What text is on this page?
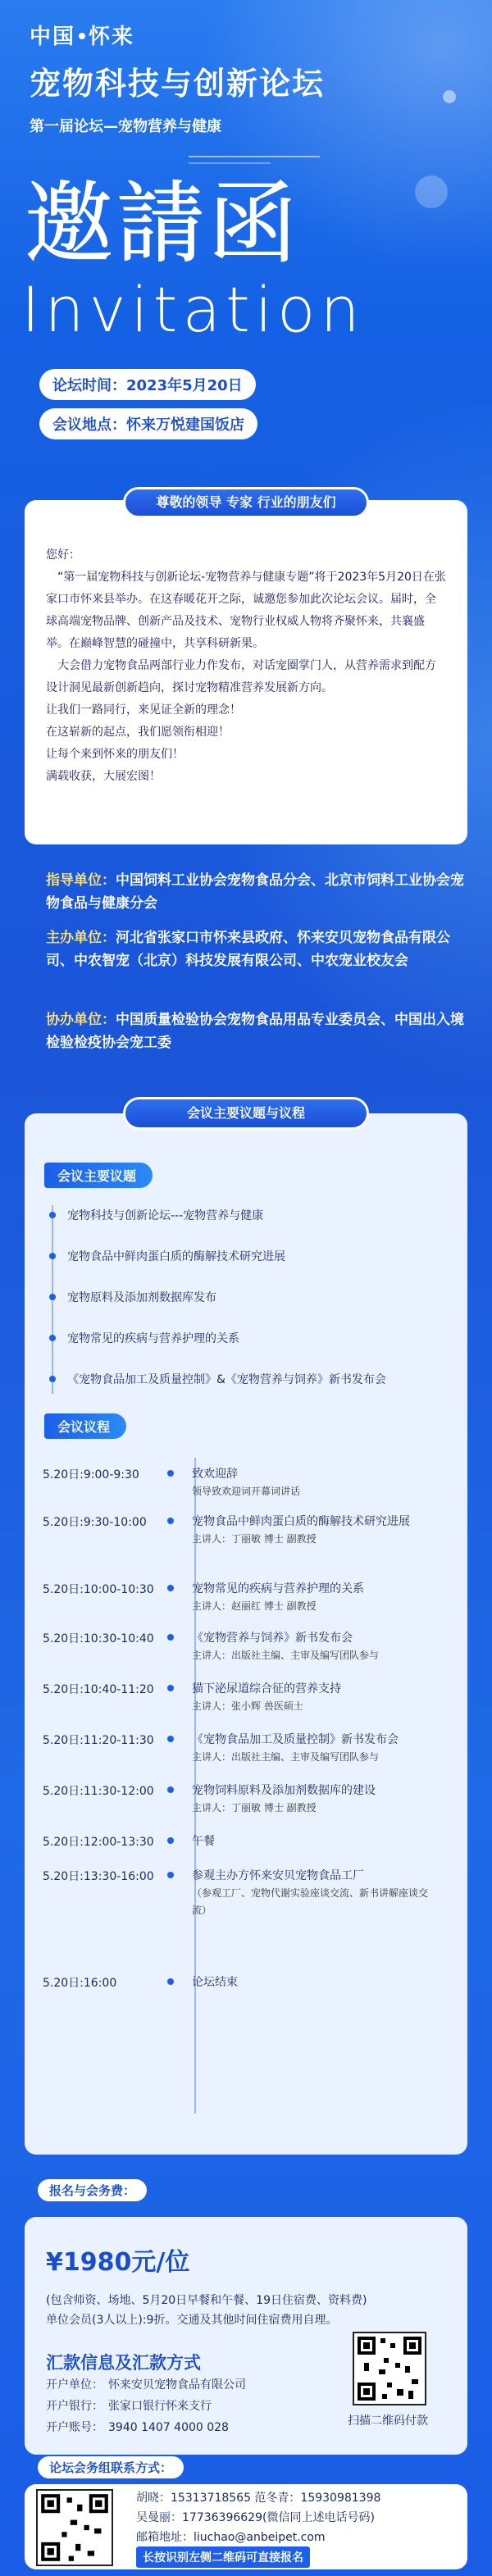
中国 怀来
宠物科技与创新论坛
第一届论坛—宠物营养与健康
邀請函
Invitation
论坛时间：2023年5月20日
会议地点：怀来万悦建国饭店

您好：

“第一届宠物科技与创新论坛-宠物营养与健康专题”将于2023年5月20日在张家口市怀来县举办。在这春暖花开之际，诚邀您参加此次论坛会议。届时，全球高端宠物品牌、创新产品及技术、宠物行业权威人物将齐聚怀来，共襄盛举。在巅峰智慧的碰撞中，共享科研新果。

大会借力宠物食品两部行业力作发布，对话宠圈掌门人，从营养需求到配方设计洞见最新创新趋向，探讨宠物精准营养发展新方向。

让我们一路同行，来见证全新的理念！

在这崭新的起点，我们愿领衔相迎！

让每个来到怀来的朋友们！

满载收获，大展宏图！

尊敬的领导 专家 行业的朋友们
指导单位：中国饲料工业协会宠物食品分会、北京市饲料工业协会宠物食品与健康分会
主办单位：河北省张家口市怀来县政府、怀来安贝宠物食品有限公司、中农智宠（北京）科技发展有限公司、中农宠业校友会
协办单位：中国质量检验协会宠物食品用品专业委员会、中国出入境检验检疫协会宠工委
会议主要议题
宠物科技与创新论坛---宠物营养与健康
宠物食品中鲜肉蛋白质的酶解技术研究进展
宠物原料及添加剂数据库发布
宠物常见的疾病与营养护理的关系
《宠物食品加工及质量控制》&《宠物营养与饲养》新书发布会
会议议程
5.20日:9:00-9:30	致欢迎辞
领导致欢迎词开幕词讲话
5.20日:9:30-10:00	宠物食品中鲜肉蛋白质的酶解技术研究进展
主讲人：丁丽敏 博士 副教授
5.20日:10:00-10:30	宠物常见的疾病与营养护理的关系
主讲人：赵丽红 博士 副教授
5.20日:10:30-10:40	《宠物营养与饲养》新书发布会
主讲人：出版社主编、主审及编写团队参与
5.20日:10:40-11:20	猫下泌尿道综合征的营养支持
主讲人：张小辉 兽医硕士
5.20日:11:20-11:30	《宠物食品加工及质量控制》新书发布会
主讲人：出版社主编、主审及编写团队参与
5.20日:11:30-12:00	宠物饲料原料及添加剂数据库的建设
主讲人：丁丽敏 博士 副教授
5.20日:12:00-13:30	午餐
5.20日:13:30-16:00	参观主办方怀来安贝宠物食品工厂
（参观工厂、宠物代谢实验座谈交流、新书讲解座谈交流）
5.20日:16:00	论坛结束
会议主要议题与议程
报名与会务费：
¥1980元/位
(包含师资、场地、5月20日早餐和午餐、19日住宿费、资料费)
单位会员(3人以上):9折。交通及其他时间住宿费用自理。
汇款信息及汇款方式
开户单位： 怀来安贝宠物食品有限公司
开户银行： 张家口银行怀来支行
开户账号： 3940 1407 4000 028	扫描二维码付款
论坛会务组联系方式：
胡晓：15313718565 范冬青：15930981398
吴曼丽：17736396629(微信同上述电话号码)
邮箱地址：liuchao@anbeipet.com
长按识别左侧二维码可直接报名
